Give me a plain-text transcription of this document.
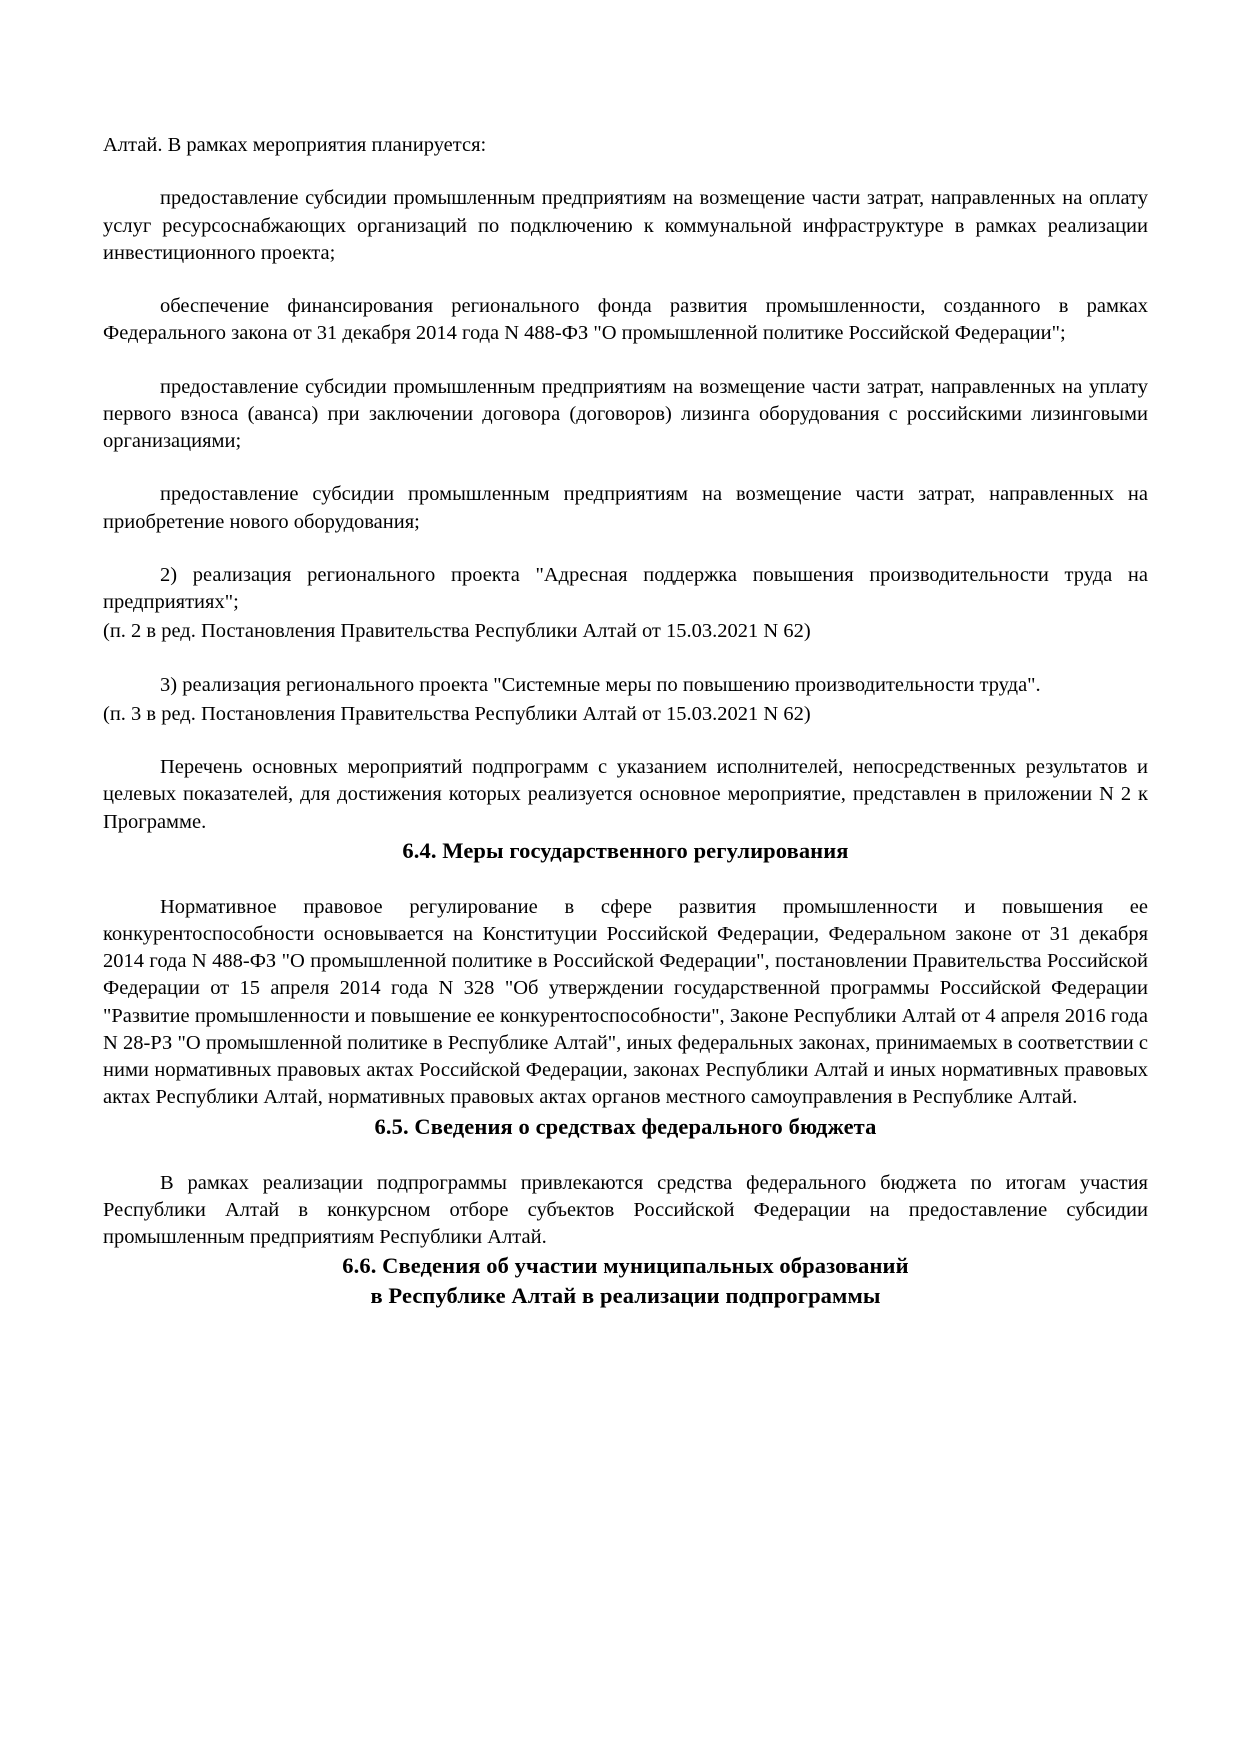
Алтай. В рамках мероприятия планируется:

предоставление субсидии промышленным предприятиям на возмещение части затрат, направленных на оплату услуг ресурсоснабжающих организаций по подключению к коммунальной инфраструктуре в рамках реализации инвестиционного проекта;

обеспечение финансирования регионального фонда развития промышленности, созданного в рамках Федерального закона от 31 декабря 2014 года N 488-ФЗ "О промышленной политике Российской Федерации";

предоставление субсидии промышленным предприятиям на возмещение части затрат, направленных на уплату первого взноса (аванса) при заключении договора (договоров) лизинга оборудования с российскими лизинговыми организациями;

предоставление субсидии промышленным предприятиям на возмещение части затрат, направленных на приобретение нового оборудования;

2) реализация регионального проекта "Адресная поддержка повышения производительности труда на предприятиях";

(п. 2 в ред. Постановления Правительства Республики Алтай от 15.03.2021 N 62)

3) реализация регионального проекта "Системные меры по повышению производительности труда".

(п. 3 в ред. Постановления Правительства Республики Алтай от 15.03.2021 N 62)

Перечень основных мероприятий подпрограмм с указанием исполнителей, непосредственных результатов и целевых показателей, для достижения которых реализуется основное мероприятие, представлен в приложении N 2 к Программе.

6.4. Меры государственного регулирования

Нормативное правовое регулирование в сфере развития промышленности и повышения ее конкурентоспособности основывается на Конституции Российской Федерации, Федеральном законе от 31 декабря 2014 года N 488-ФЗ "О промышленной политике в Российской Федерации", постановлении Правительства Российской Федерации от 15 апреля 2014 года N 328 "Об утверждении государственной программы Российской Федерации "Развитие промышленности и повышение ее конкурентоспособности", Законе Республики Алтай от 4 апреля 2016 года N 28-РЗ "О промышленной политике в Республике Алтай", иных федеральных законах, принимаемых в соответствии с ними нормативных правовых актах Российской Федерации, законах Республики Алтай и иных нормативных правовых актах Республики Алтай, нормативных правовых актах органов местного самоуправления в Республике Алтай.

6.5. Сведения о средствах федерального бюджета

В рамках реализации подпрограммы привлекаются средства федерального бюджета по итогам участия Республики Алтай в конкурсном отборе субъектов Российской Федерации на предоставление субсидии промышленным предприятиям Республики Алтай.

6.6. Сведения об участии муниципальных образований
в Республике Алтай в реализации подпрограммы
